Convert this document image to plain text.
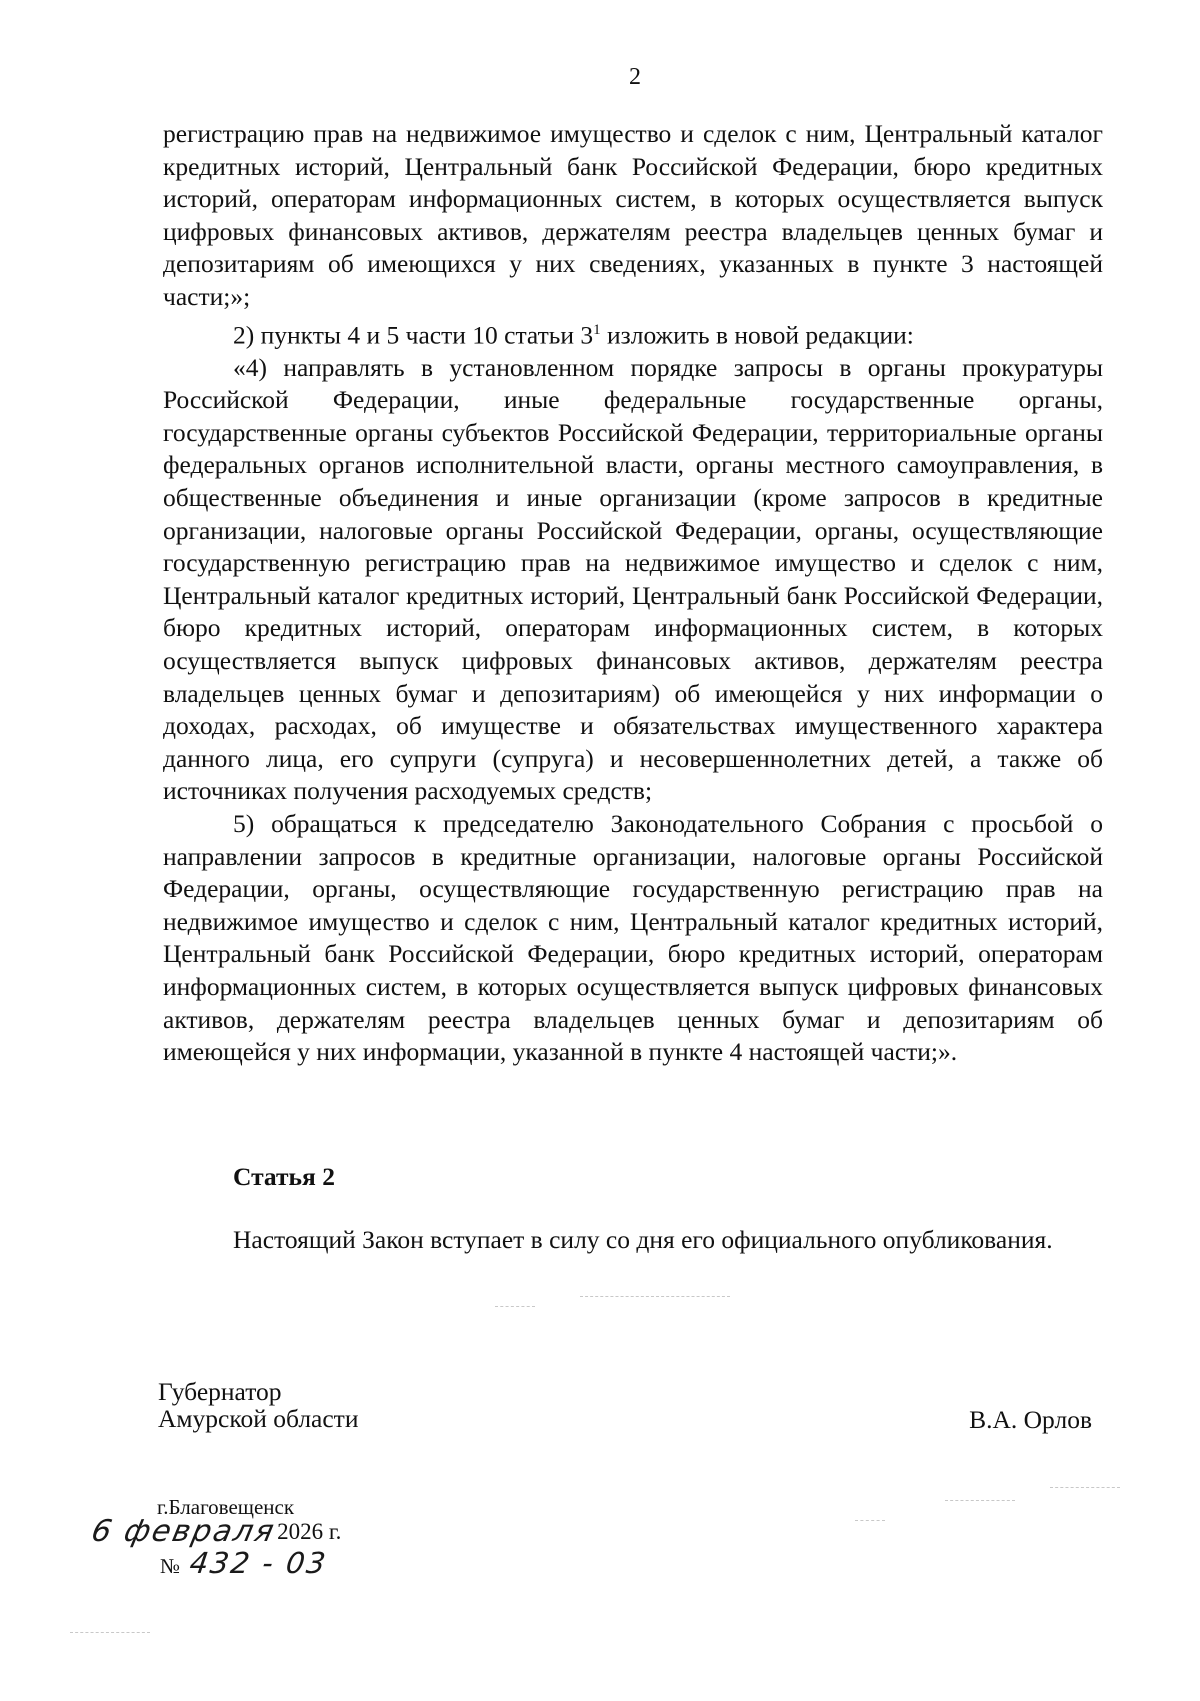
2

регистрацию прав на недвижимое имущество и сделок с ним, Центральный каталог кредитных историй, Центральный банк Российской Федерации, бюро кредитных историй, операторам информационных систем, в которых осуществляется выпуск цифровых финансовых активов, держателям реестра владельцев ценных бумаг и депозитариям об имеющихся у них сведениях, указанных в пункте 3 настоящей части;»;

2) пункты 4 и 5 части 10 статьи $3^1$ изложить в новой редакции:

«4) направлять в установленном порядке запросы в органы прокуратуры Российской Федерации, иные федеральные государственные органы, государственные органы субъектов Российской Федерации, территориальные органы федеральных органов исполнительной власти, органы местного самоуправления, в общественные объединения и иные организации (кроме запросов в кредитные организации, налоговые органы Российской Федерации, органы, осуществляющие государственную регистрацию прав на недвижимое имущество и сделок с ним, Центральный каталог кредитных историй, Центральный банк Российской Федерации, бюро кредитных историй, операторам информационных систем, в которых осуществляется выпуск цифровых финансовых активов, держателям реестра владельцев ценных бумаг и депозитариям) об имеющейся у них информации о доходах, расходах, об имуществе и обязательствах имущественного характера данного лица, его супруги (супруга) и несовершеннолетних детей, а также об источниках получения расходуемых средств;

5) обращаться к председателю Законодательного Собрания с просьбой о направлении запросов в кредитные организации, налоговые органы Российской Федерации, органы, осуществляющие государственную регистрацию прав на недвижимое имущество и сделок с ним, Центральный каталог кредитных историй, Центральный банк Российской Федерации, бюро кредитных историй, операторам информационных систем, в которых осуществляется выпуск цифровых финансовых активов, держателям реестра владельцев ценных бумаг и депозитариям об имеющейся у них информации, указанной в пункте 4 настоящей части;».

Статья 2
Настоящий Закон вступает в силу со дня его официального опубликования.
Губернатор
Амурской области	В.А. Орлов
г.Благовещенск
6 февраля2026 г.
№ 432 - 03
